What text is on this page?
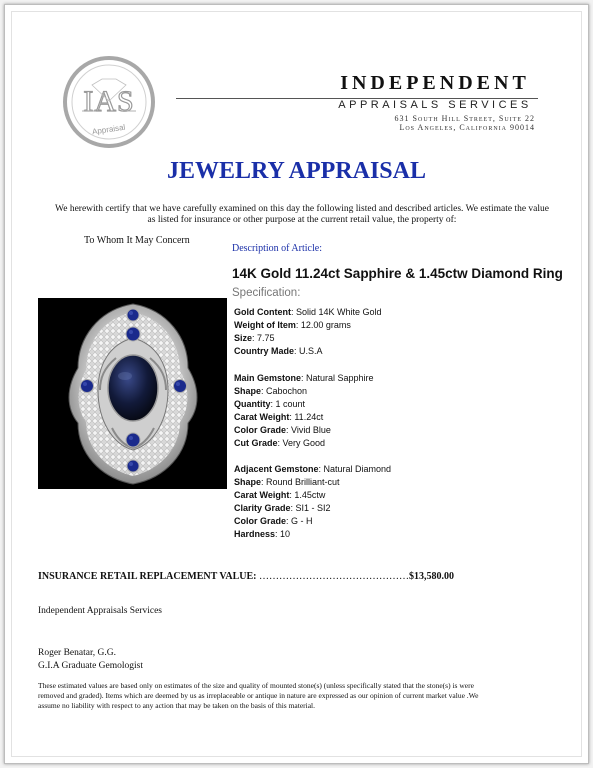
IAS
Appraisal
INDEPENDENT
APPRAISALS SERVICES
631 South Hill Street, Suite 22
Los Angeles, California 90014
JEWELRY APPRAISAL
We herewith certify that we have carefully examined on this day the following listed and described articles. We estimate the value as listed for insurance or other purpose at the current retail value, the property of:
To Whom It May Concern
Description of Article:
14K Gold 11.24ct Sapphire & 1.45ctw Diamond Ring
Specification:
Gold Content: Solid 14K White Gold
Weight of Item: 12.00 grams
Size: 7.75
Country Made: U.S.A
Main Gemstone: Natural Sapphire
Shape: Cabochon
Quantity: 1 count
Carat Weight: 11.24ct
Color Grade: Vivid Blue
Cut Grade: Very Good
Adjacent Gemstone: Natural Diamond
Shape: Round Brilliant-cut
Carat Weight: 1.45ctw
Clarity Grade: SI1 - SI2
Color Grade: G - H
Hardness: 10
INSURANCE RETAIL REPLACEMENT VALUE: ………………………………………$13,580.00
Independent Appraisals Services
Roger Benatar, G.G.
G.I.A Graduate Gemologist
These estimated values are based only on estimates of the size and quality of mounted stone(s) (unless specifically stated that the stone(s) is were removed and graded). Items which are deemed by us as irreplaceable or antique in nature are expressed as our opinion of current market value .We assume no liability with respect to any action that may be taken on the basis of this material.
